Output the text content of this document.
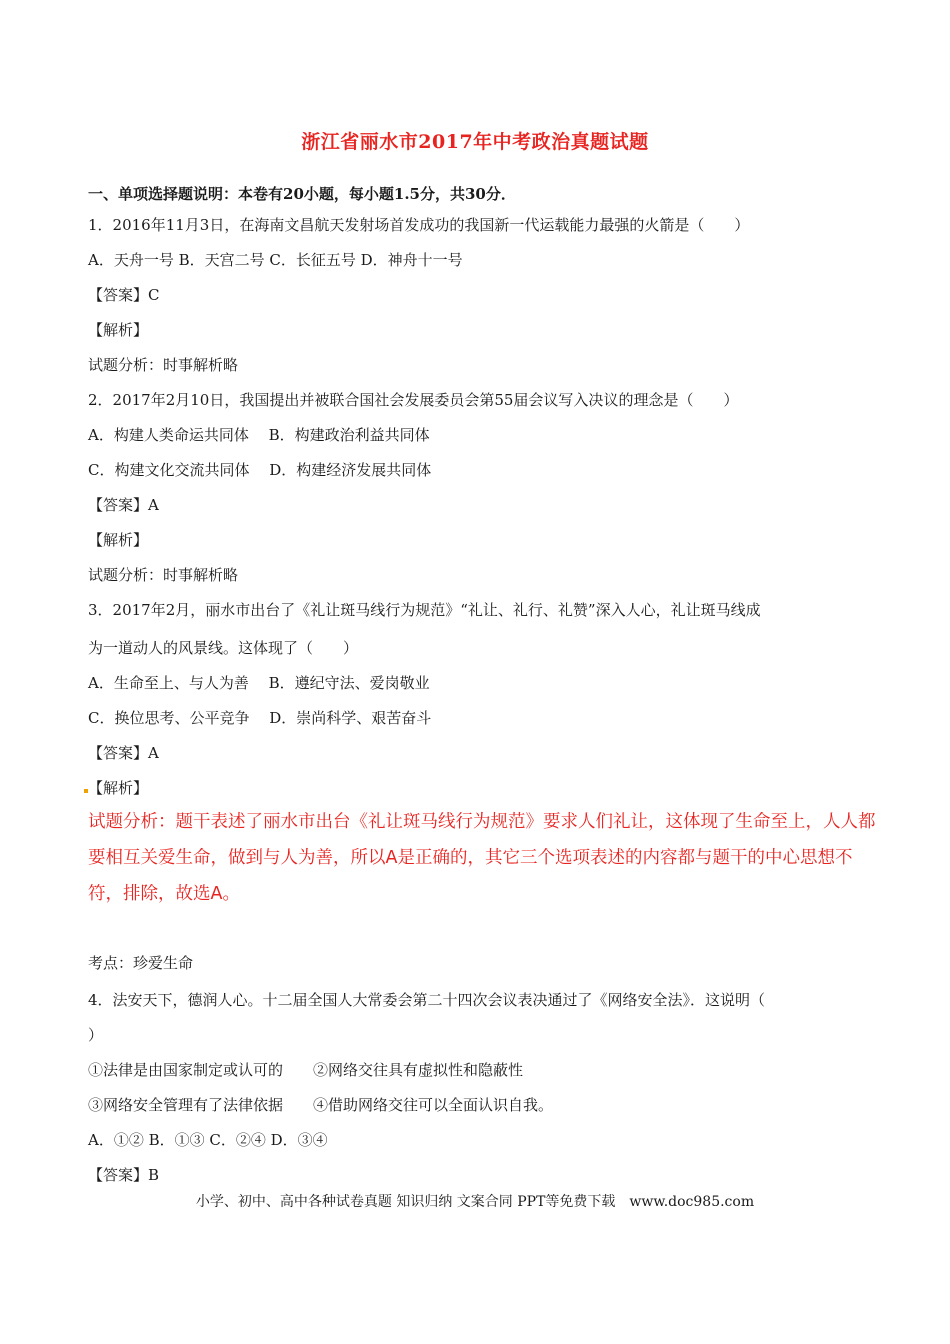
浙江省丽水市2017年中考政治真题试题
一、单项选择题说明：本卷有20小题，每小题1.5分，共30分．
1．2016年11月3日，在海南文昌航天发射场首发成功的我国新一代运载能力最强的火箭是（　　）
A．天舟一号 B．天宫二号 C．长征五号 D．神舟十一号
【答案】C
【解析】
试题分析：时事解析略
2．2017年2月10日，我国提出并被联合国社会发展委员会第55届会议写入决议的理念是（　　）
A．构建人类命运共同体　 B．构建政治利益共同体
C．构建文化交流共同体　 D．构建经济发展共同体
【答案】A
【解析】
试题分析：时事解析略
3．2017年2月，丽水市出台了《礼让斑马线行为规范》“礼让、礼行、礼赞”深入人心，礼让斑马线成
为一道动人的风景线。这体现了（　　）
A．生命至上、与人为善　 B．遵纪守法、爱岗敬业
C．换位思考、公平竞争　 D．崇尚科学、艰苦奋斗
【答案】A
【解析】
试题分析：题干表述了丽水市出台《礼让斑马线行为规范》要求人们礼让，这体现了生命至上，人人都要相互关爱生命，做到与人为善，所以A是正确的，其它三个选项表述的内容都与题干的中心思想不符，排除，故选A。
考点：珍爱生命
4．法安天下，德润人心。十二届全国人大常委会第二十四次会议表决通过了《网络安全法》．这说明（
）
①法律是由国家制定或认可的　　②网络交往具有虚拟性和隐蔽性
③网络安全管理有了法律依据　　④借助网络交往可以全面认识自我。
A．①② B．①③ C．②④ D．③④
【答案】B
小学、初中、高中各种试卷真题 知识归纳 文案合同 PPT等免费下载　www.doc985.com
